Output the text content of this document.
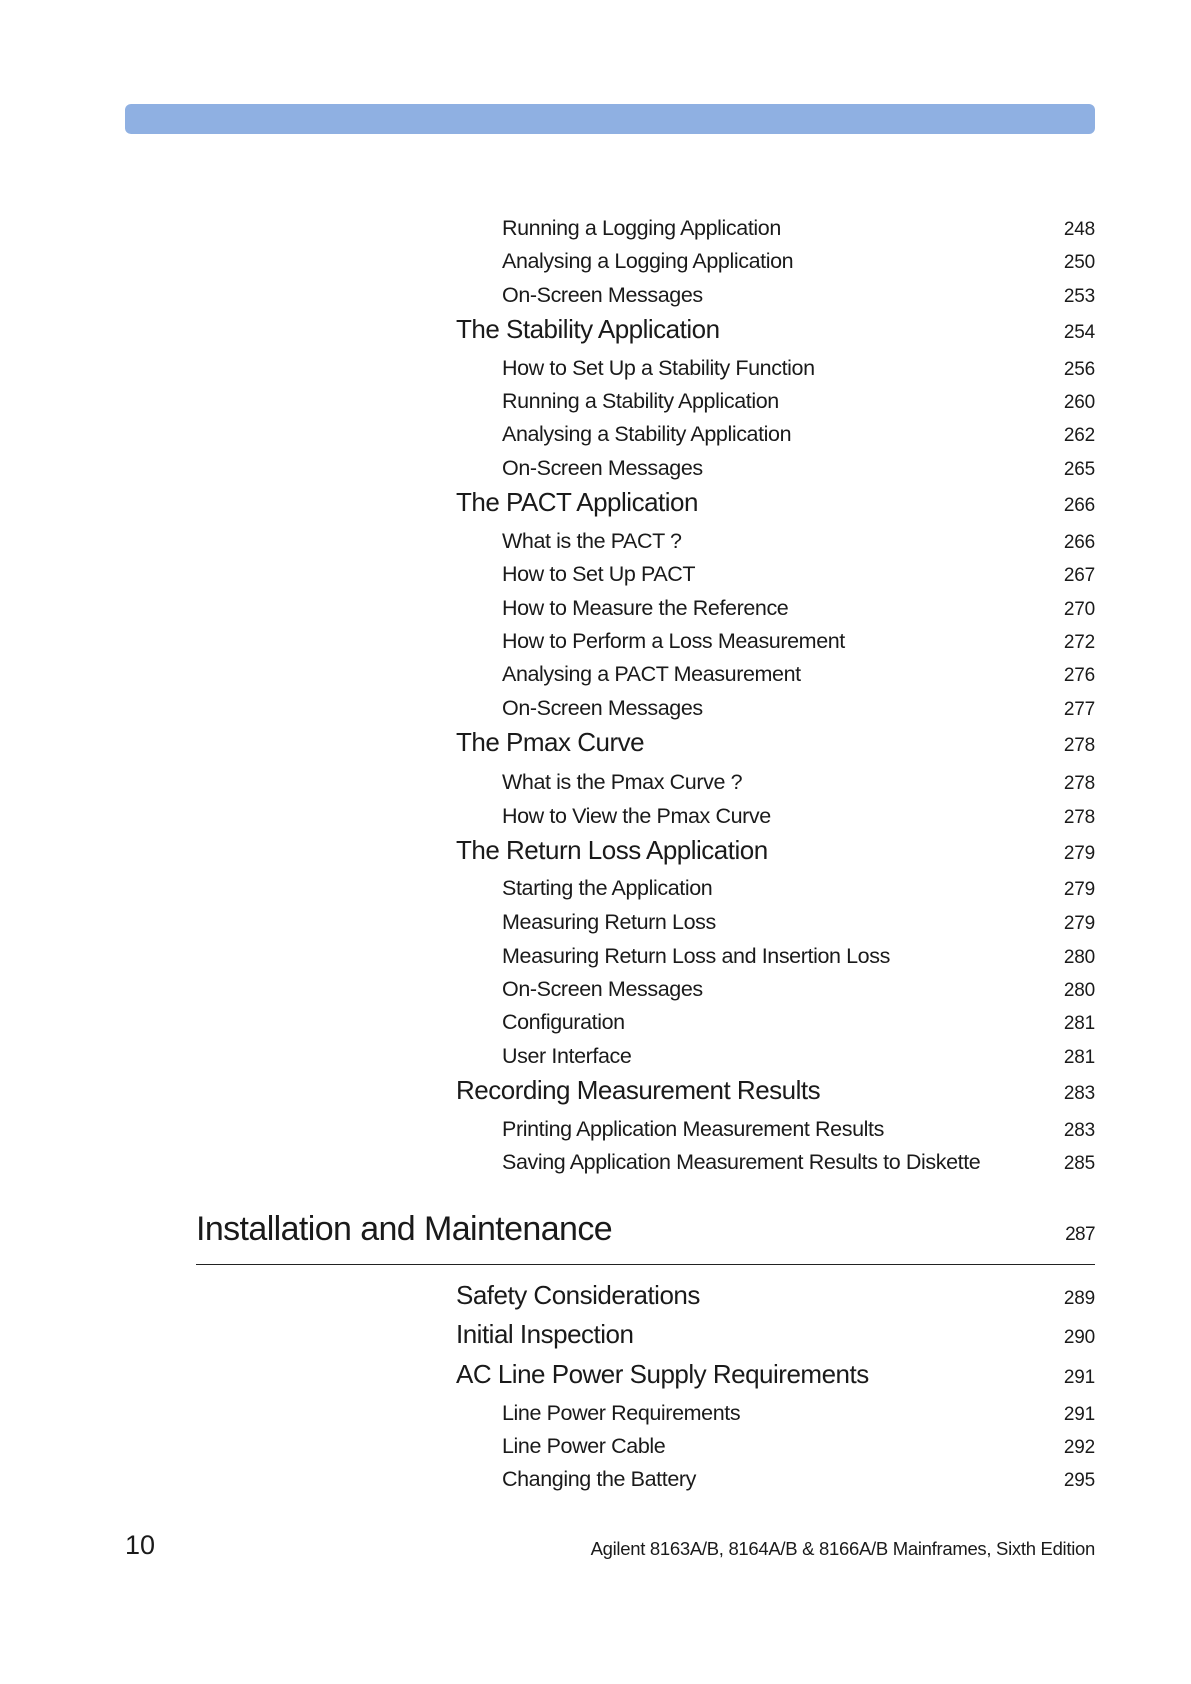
Running a Logging Application	248
Analysing a Logging Application	250
On-Screen Messages	253
The Stability Application	254
How to Set Up a Stability Function	256
Running a Stability Application	260
Analysing a Stability Application	262
On-Screen Messages	265
The PACT Application	266
What is the PACT ?	266
How to Set Up PACT	267
How to Measure the Reference	270
How to Perform a Loss Measurement	272
Analysing a PACT Measurement	276
On-Screen Messages	277
The Pmax Curve	278
What is the Pmax Curve ?	278
How to View the Pmax Curve	278
The Return Loss Application	279
Starting the Application	279
Measuring Return Loss	279
Measuring Return Loss and Insertion Loss	280
On-Screen Messages	280
Configuration	281
User Interface	281
Recording Measurement Results	283
Printing Application Measurement Results	283
Saving Application Measurement Results to Diskette	285
Installation and Maintenance	287
Safety Considerations	289
Initial Inspection	290
AC Line Power Supply Requirements	291
Line Power Requirements	291
Line Power Cable	292
Changing the Battery	295
10	Agilent 8163A/B, 8164A/B & 8166A/B Mainframes, Sixth Edition
